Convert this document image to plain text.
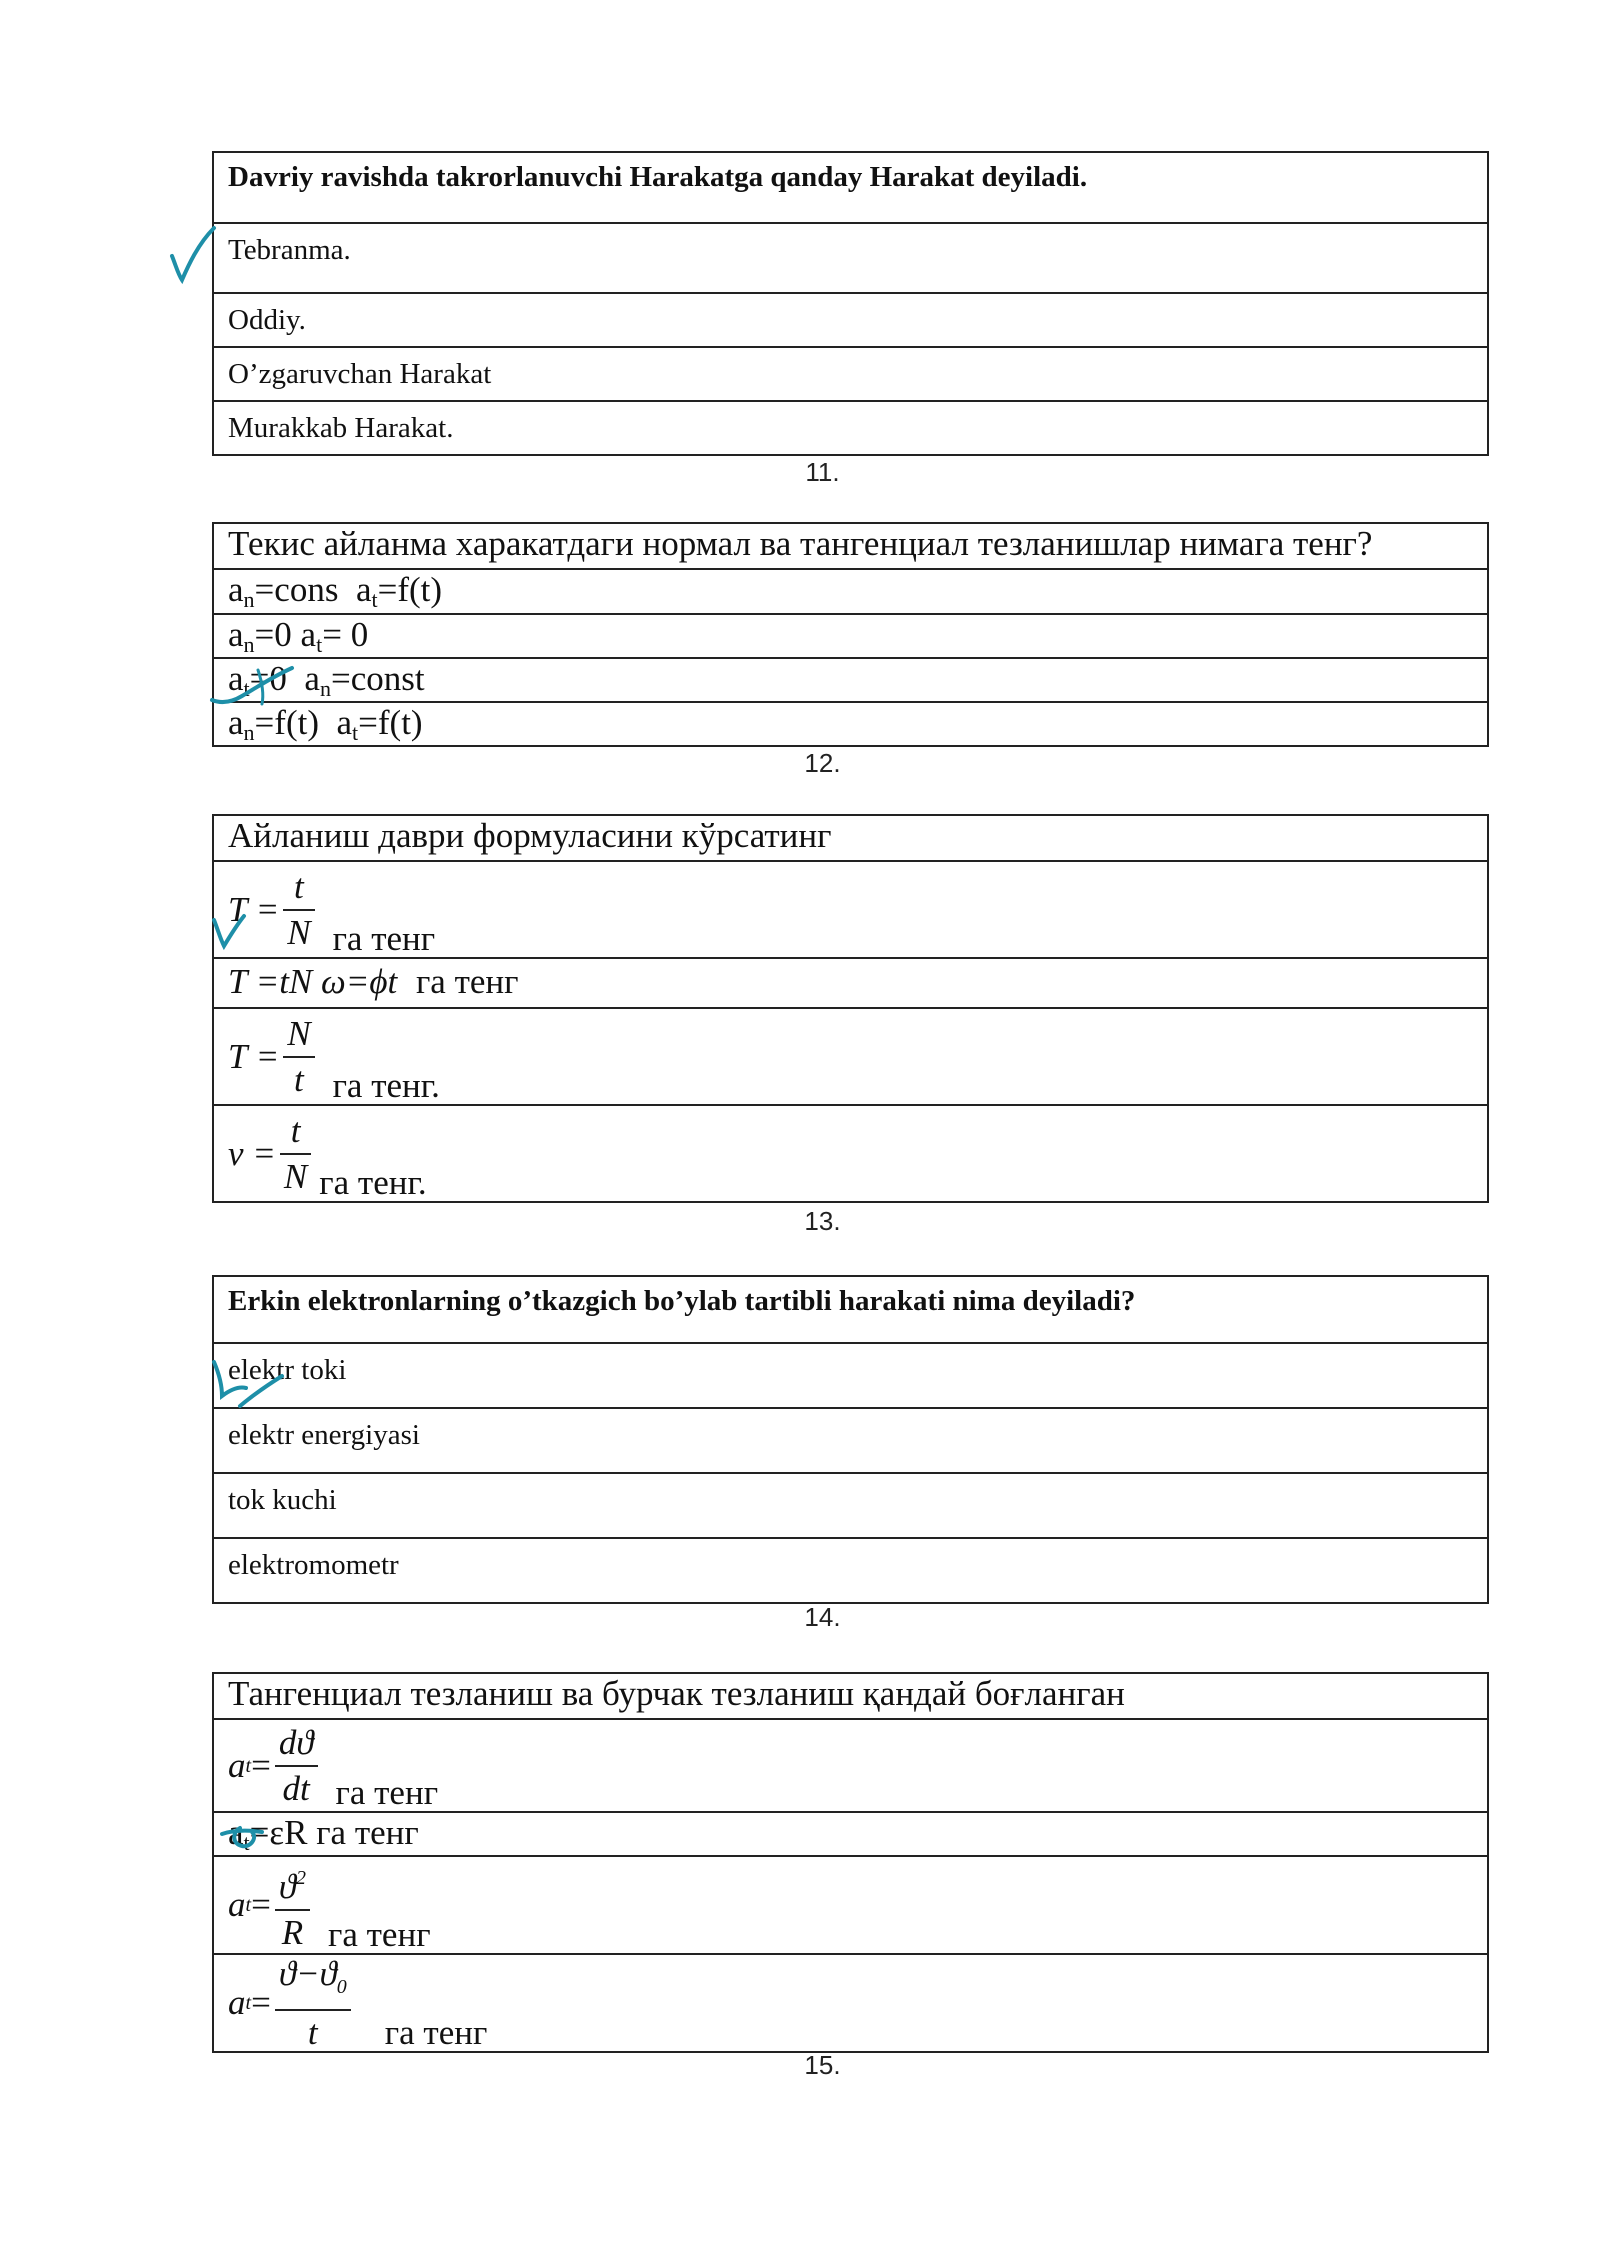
Davriy ravishda takrorlanuvchi Harakatga qanday Harakat deyiladi.
Tebranma.
Oddiy.
O’zgaruvchan Harakat
Murakkab Harakat.
11.
Текис айланма харакатдаги нормал ва тангенциал тезланишлар нимага тенг?
$a_n=cons$  $a_t=f(t)$
$a_n=0$ $a_t= 0$
$a_t=0$  $a_n=const$
$a_n=f(t)$  $a_t=f(t)$
12.
Айланиш даври формуласини кўрсатинг
$T = \frac{t}{N}$ га тенг
T =tN ω=ϕt га тенг
$T = \frac{N}{t}$ га тенг.
$v = \frac{t}{N}$ га тенг.
13.
Erkin elektronlarning o’tkazgich bo’ylab tartibli harakati nima deyiladi?
elektr toki
elektr energiyasi
tok kuchi
elektromometr
14.
Тангенциал тезланиш ва бурчак тезланиш қандай боғланган
a $t = \frac{dϑ}{dt}$ га тенг
$a_t=\varepsilon R$ га тенг
a $t = \frac{ϑ^2}{R}$ га тенг
a $t = \frac{ϑ-ϑ_0}{t}$ га тенг
15.
